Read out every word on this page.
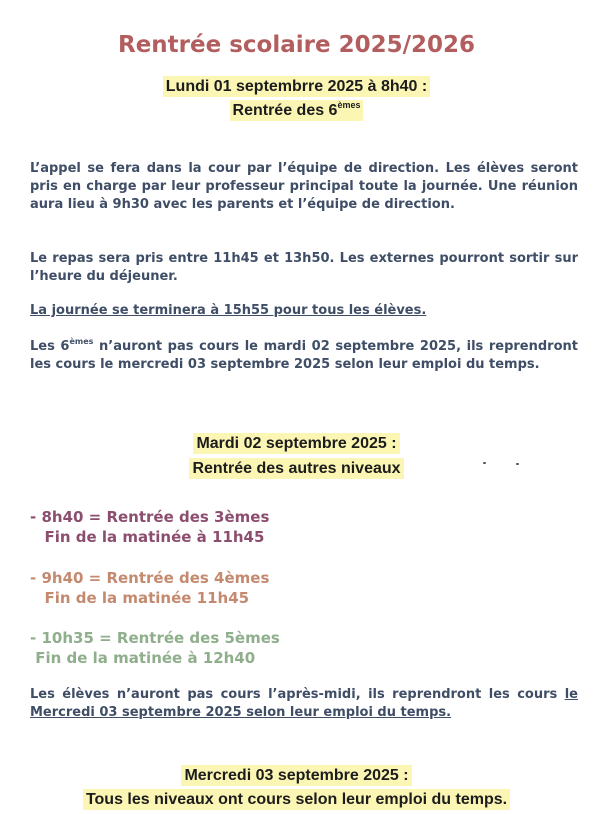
Rentrée scolaire 2025/2026
Lundi 01 septembrre 2025 à 8h40 :
Rentrée des 6èmes
L’appel se fera dans la cour par l’équipe de direction. Les élèves seront pris en charge par leur professeur principal toute la journée. Une réunion aura lieu à 9h30 avec les parents et l’équipe de direction.
Le repas sera pris entre 11h45 et 13h50. Les externes pourront sortir sur l’heure du déjeuner.
La journée se terminera à 15h55 pour tous les élèves.
Les 6èmes n’auront pas cours le mardi 02 septembre 2025, ils reprendront les cours le mercredi 03 septembre 2025 selon leur emploi du temps.
Mardi 02 septembre 2025 :
Rentrée des autres niveaux
- 8h40 = Rentrée des 3èmes
Fin de la matinée à 11h45
- 9h40 = Rentrée des 4èmes
Fin de la matinée 11h45
- 10h35 = Rentrée des 5èmes
Fin de la matinée à 12h40
Les élèves n’auront pas cours l’après-midi, ils reprendront les cours le Mercredi 03 septembre 2025 selon leur emploi du temps.
Mercredi 03 septembre 2025 :
Tous les niveaux ont cours selon leur emploi du temps.
